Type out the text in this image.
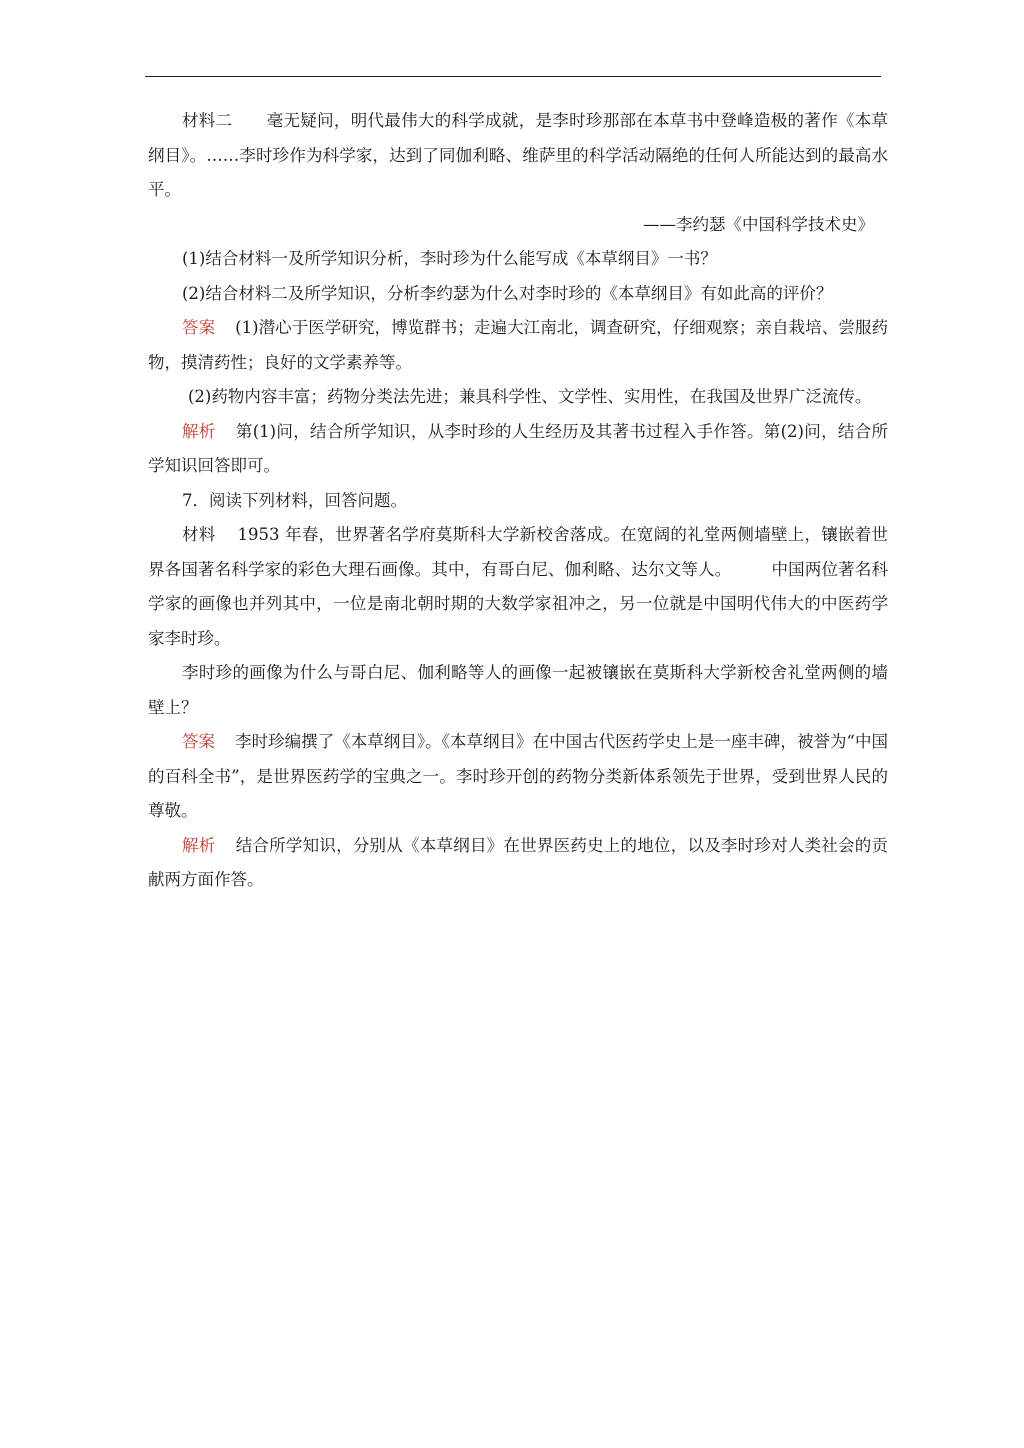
材料二 毫无疑问，明代最伟大的科学成就，是李时珍那部在本草书中登峰造极的著作《本草纲目》。……李时珍作为科学家，达到了同伽利略、维萨里的科学活动隔绝的任何人所能达到的最高水平。

——李约瑟《中国科学技术史》

(1)结合材料一及所学知识分析，李时珍为什么能写成《本草纲目》一书？

(2)结合材料二及所学知识，分析李约瑟为什么对李时珍的《本草纲目》有如此高的评价？

答案 (1)潜心于医学研究，博览群书；走遍大江南北，调查研究，仔细观察；亲自栽培、尝服药物，摸清药性；良好的文学素养等。

(2)药物内容丰富；药物分类法先进；兼具科学性、文学性、实用性，在我国及世界广泛流传。

解析 第(1)问，结合所学知识，从李时珍的人生经历及其著书过程入手作答。第(2)问，结合所学知识回答即可。

7．阅读下列材料，回答问题。

材料 1953 年春，世界著名学府莫斯科大学新校舍落成。在宽阔的礼堂两侧墙壁上，镶嵌着世界各国著名科学家的彩色大理石画像。其中，有哥白尼、伽利略、达尔文等人。 中国两位著名科学家的画像也并列其中，一位是南北朝时期的大数学家祖冲之，另一位就是中国明代伟大的中医药学家李时珍。

李时珍的画像为什么与哥白尼、伽利略等人的画像一起被镶嵌在莫斯科大学新校舍礼堂两侧的墙壁上？

答案 李时珍编撰了《本草纲目》。《本草纲目》在中国古代医药学史上是一座丰碑，被誉为“中国的百科全书”，是世界医药学的宝典之一。李时珍开创的药物分类新体系领先于世界，受到世界人民的尊敬。

解析 结合所学知识，分别从《本草纲目》在世界医药史上的地位，以及李时珍对人类社会的贡献两方面作答。
